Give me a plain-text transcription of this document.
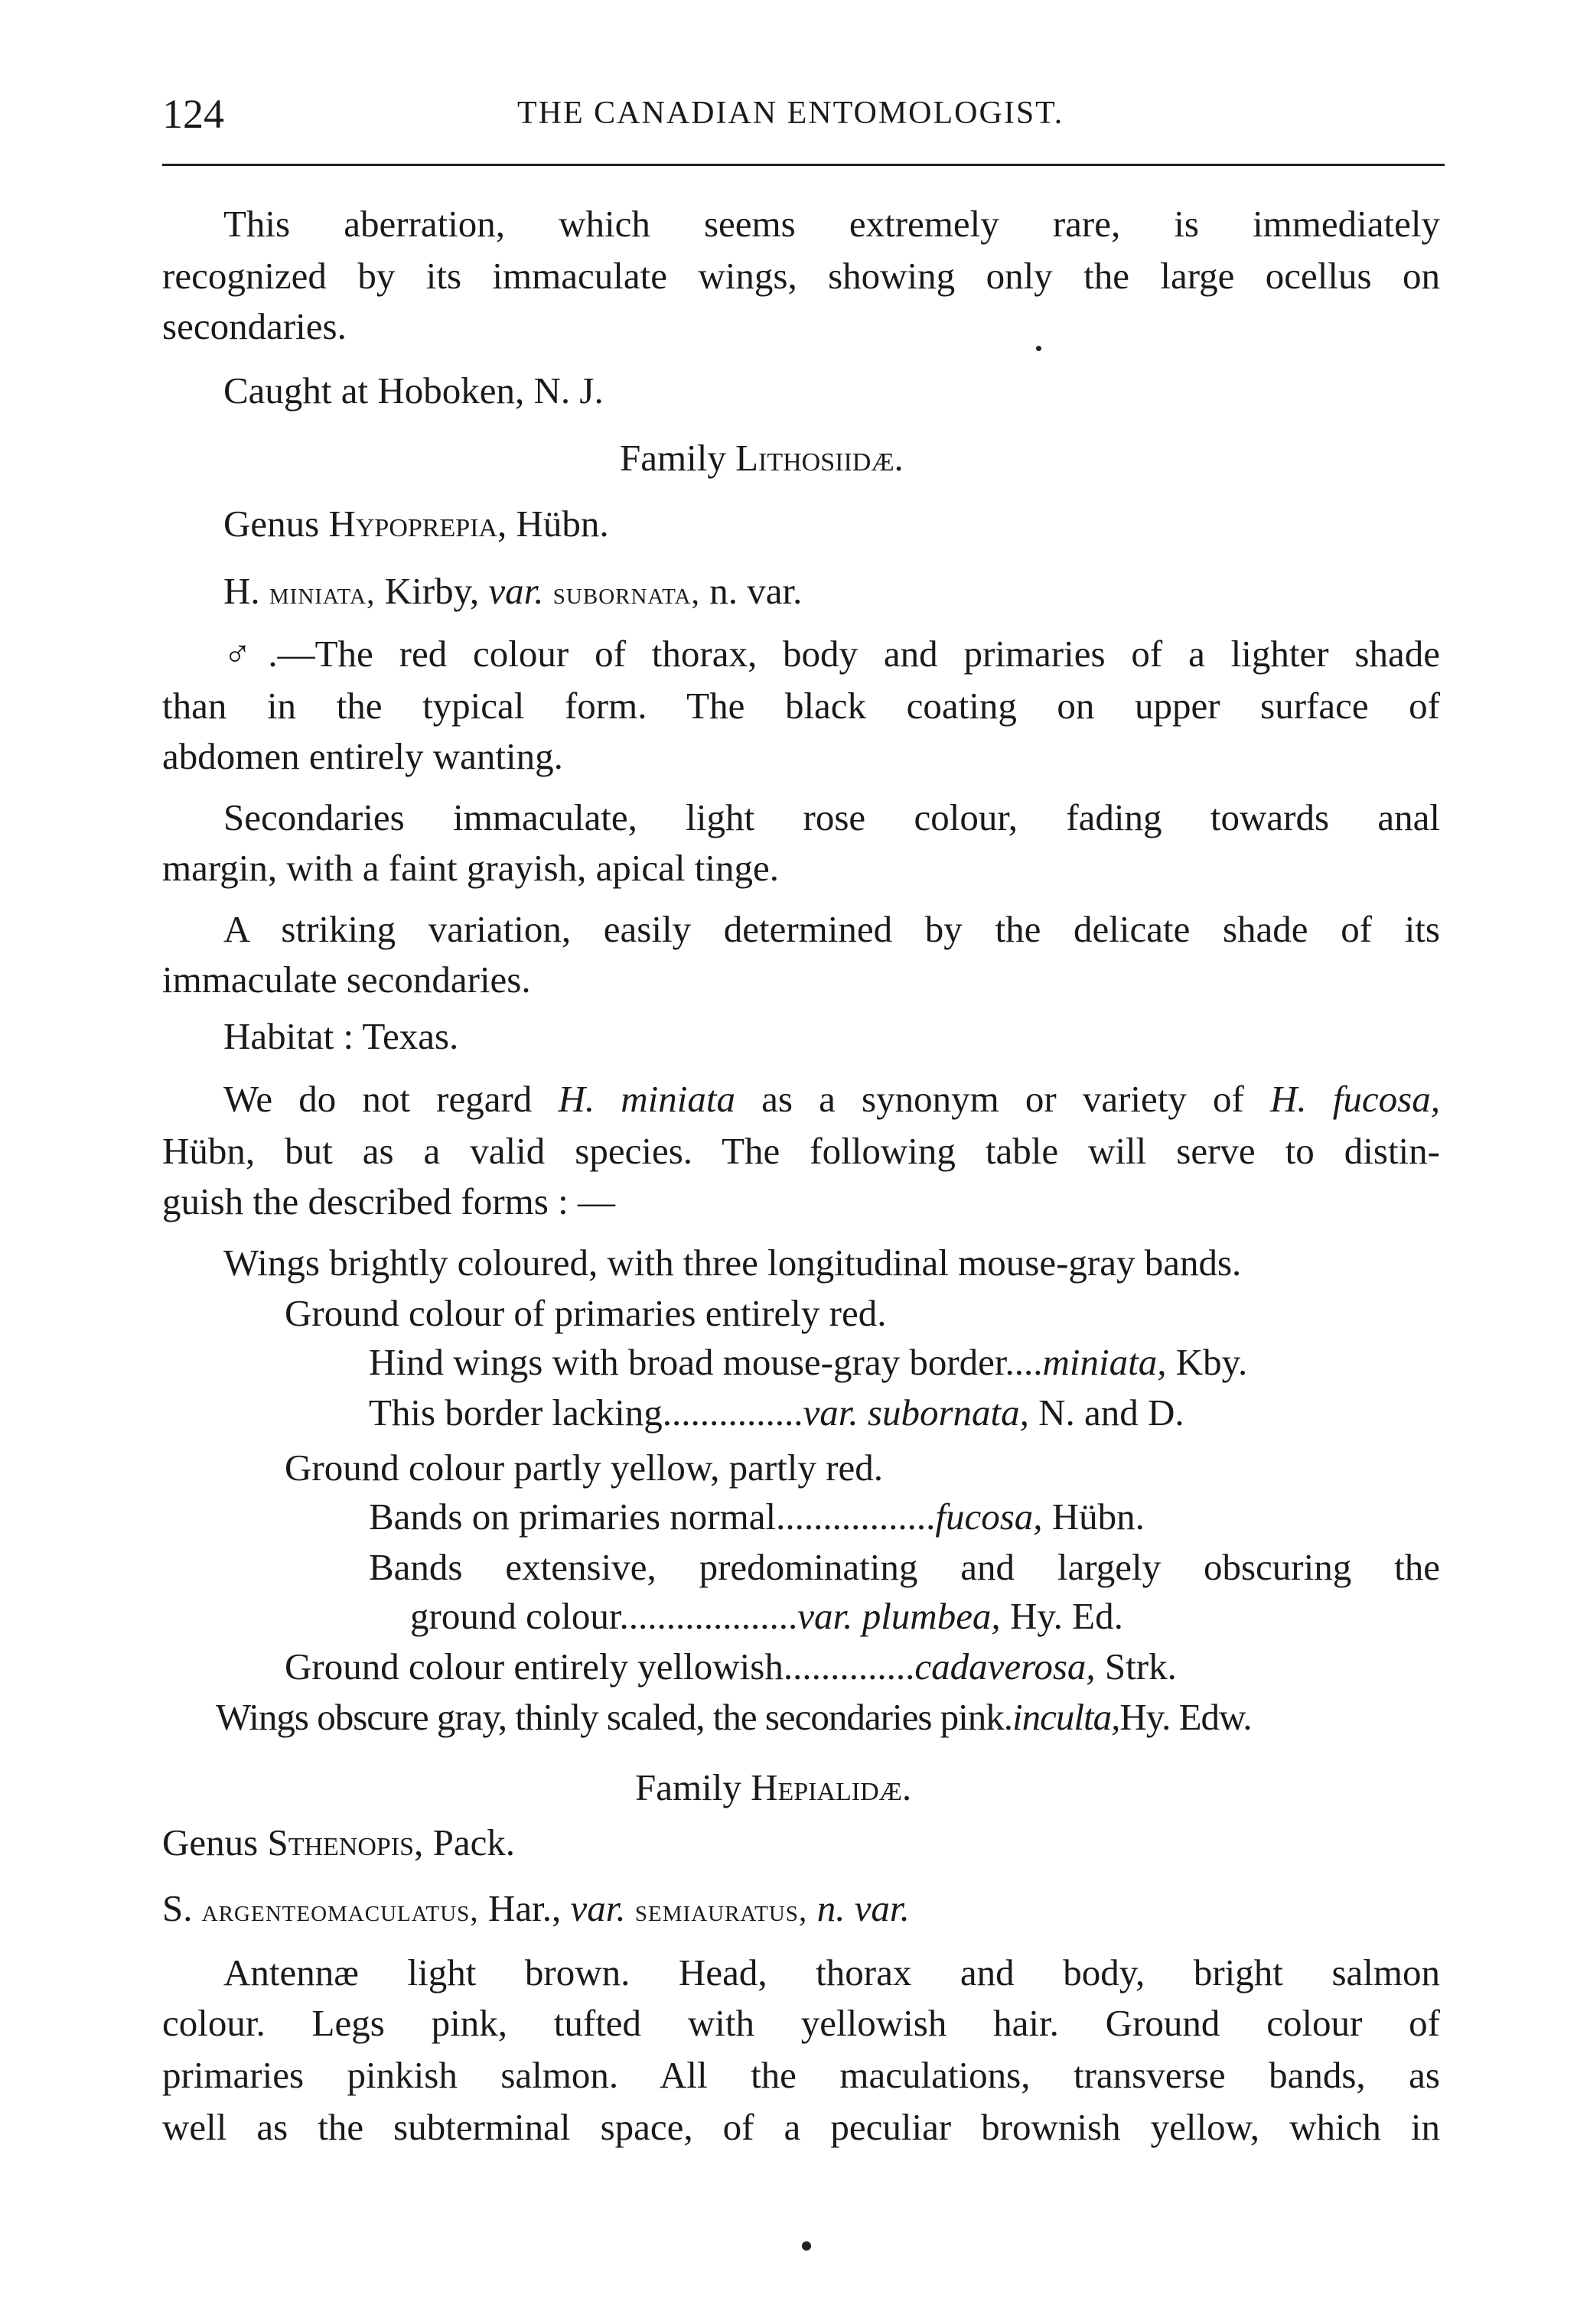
124	THE CANADIAN ENTOMOLOGIST.
This aberration, which seems extremely rare, is immediately
recognized by its immaculate wings, showing only the large ocellus on
secondaries.
Caught at Hoboken, N. J.
Family Lithosiidæ.
Genus Hypoprepia, Hübn.
H. miniata, Kirby, var. subornata, n. var.
♂.—The red colour of thorax, body and primaries of a lighter shade
than in the typical form. The black coating on upper surface of
abdomen entirely wanting.
Secondaries immaculate, light rose colour, fading towards anal
margin, with a faint grayish, apical tinge.
A striking variation, easily determined by the delicate shade of its
immaculate secondaries.
Habitat : Texas.
We do not regard H. miniata as a synonym or variety of H. fucosa,
Hübn, but as a valid species. The following table will serve to distin-
guish the described forms : —
Wings brightly coloured, with three longitudinal mouse-gray bands.
Ground colour of primaries entirely red.
Hind wings with broad mouse-gray border....miniata, Kby.
This border lacking...............var. subornata, N. and D.
Ground colour partly yellow, partly red.
Bands on primaries normal.................fucosa, Hübn.
Bands extensive, predominating and largely obscuring the
ground colour...................var. plumbea, Hy. Ed.
Ground colour entirely yellowish..............cadaverosa, Strk.
Wings obscure gray, thinly scaled, the secondaries pink.inculta,Hy. Edw.
Family Hepialidæ.
Genus Sthenopis, Pack.
S. argenteomaculatus, Har., var. semiauratus, n. var.
Antennæ light brown. Head, thorax and body, bright salmon
colour. Legs pink, tufted with yellowish hair. Ground colour of
primaries pinkish salmon. All the maculations, transverse bands, as
well as the subterminal space, of a peculiar brownish yellow, which in
